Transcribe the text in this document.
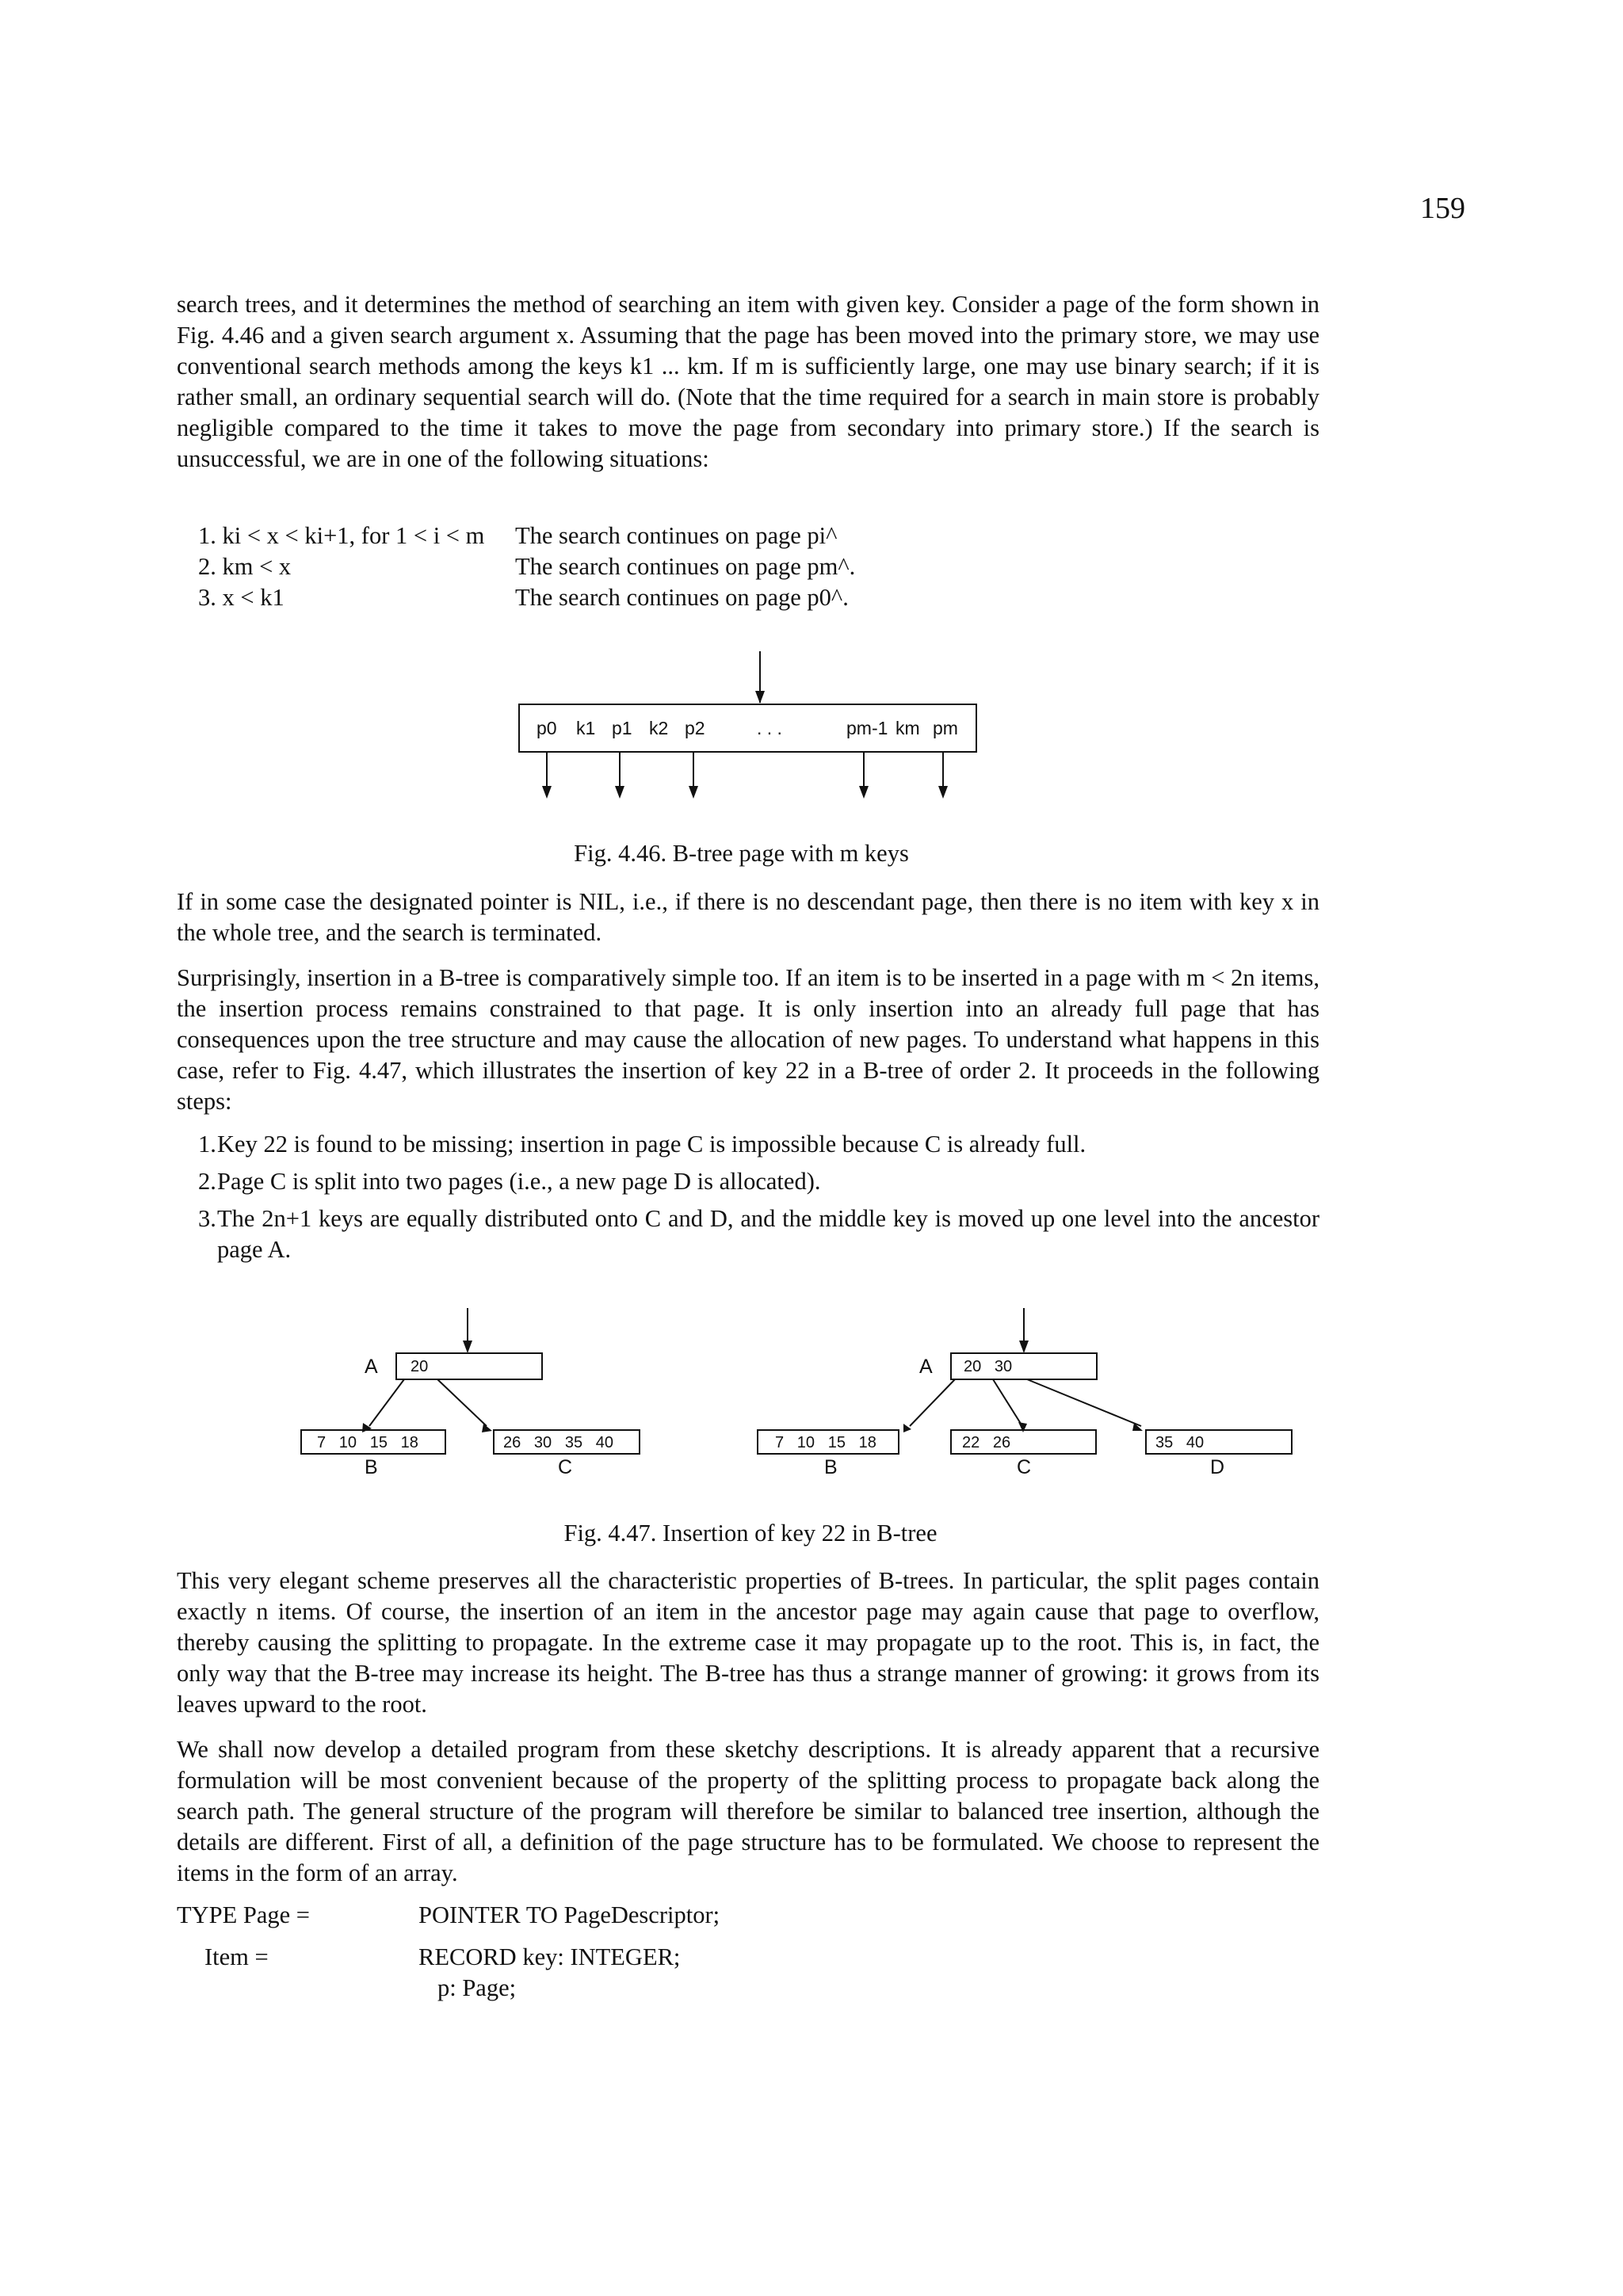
159

search trees, and it determines the method of searching an item with given key. Consider a page of the form shown in Fig. 4.46 and a given search argument x. Assuming that the page has been moved into the primary store, we may use conventional search methods among the keys k1 ... km. If m is sufficiently large, one may use binary search; if it is rather small, an ordinary sequential search will do. (Note that the time required for a search in main store is probably negligible compared to the time it takes to move the page from secondary into primary store.) If the search is unsuccessful, we are in one of the following situations:

1. ki < x < ki+1, for 1 < i < m	The search continues on page pi^
2. km < x	The search continues on page pm^.
3. x < k1	The search continues on page p0^.
p0 k1 p1 k2 p2	. . .	pm-1 km pm
Fig. 4.46. B-tree page with m keys

If in some case the designated pointer is NIL, i.e., if there is no descendant page, then there is no item with key x in the whole tree, and the search is terminated.

Surprisingly, insertion in a B-tree is comparatively simple too. If an item is to be inserted in a page with m < 2n items, the insertion process remains constrained to that page. It is only insertion into an already full page that has consequences upon the tree structure and may cause the allocation of new pages. To understand what happens in this case, refer to Fig. 4.47, which illustrates the insertion of key 22 in a B-tree of order 2. It proceeds in the following steps:

1. Key 22 is found to be missing; insertion in page C is impossible because C is already full.
2. Page C is split into two pages (i.e., a new page D is allocated).
3. The 2n+1 keys are equally distributed onto C and D, and the middle key is moved up one level into the ancestor page A.
A 20
7   10   15   18
B
26   30   35   40
C
A 20   30
7   10   15   18
B
22   26
C
35   40
D
Fig. 4.47. Insertion of key 22 in B-tree

This very elegant scheme preserves all the characteristic properties of B-trees. In particular, the split pages contain exactly n items. Of course, the insertion of an item in the ancestor page may again cause that page to overflow, thereby causing the splitting to propagate. In the extreme case it may propagate up to the root. This is, in fact, the only way that the B-tree may increase its height. The B-tree has thus a strange manner of growing: it grows from its leaves upward to the root.

We shall now develop a detailed program from these sketchy descriptions. It is already apparent that a recursive formulation will be most convenient because of the property of the splitting process to propagate back along the search path. The general structure of the program will therefore be similar to balanced tree insertion, although the details are different. First of all, a definition of the page structure has to be formulated. We choose to represent the items in the form of an array.

TYPE Page =	POINTER TO PageDescriptor;
Item =	RECORD key: INTEGER;
p: Page;
